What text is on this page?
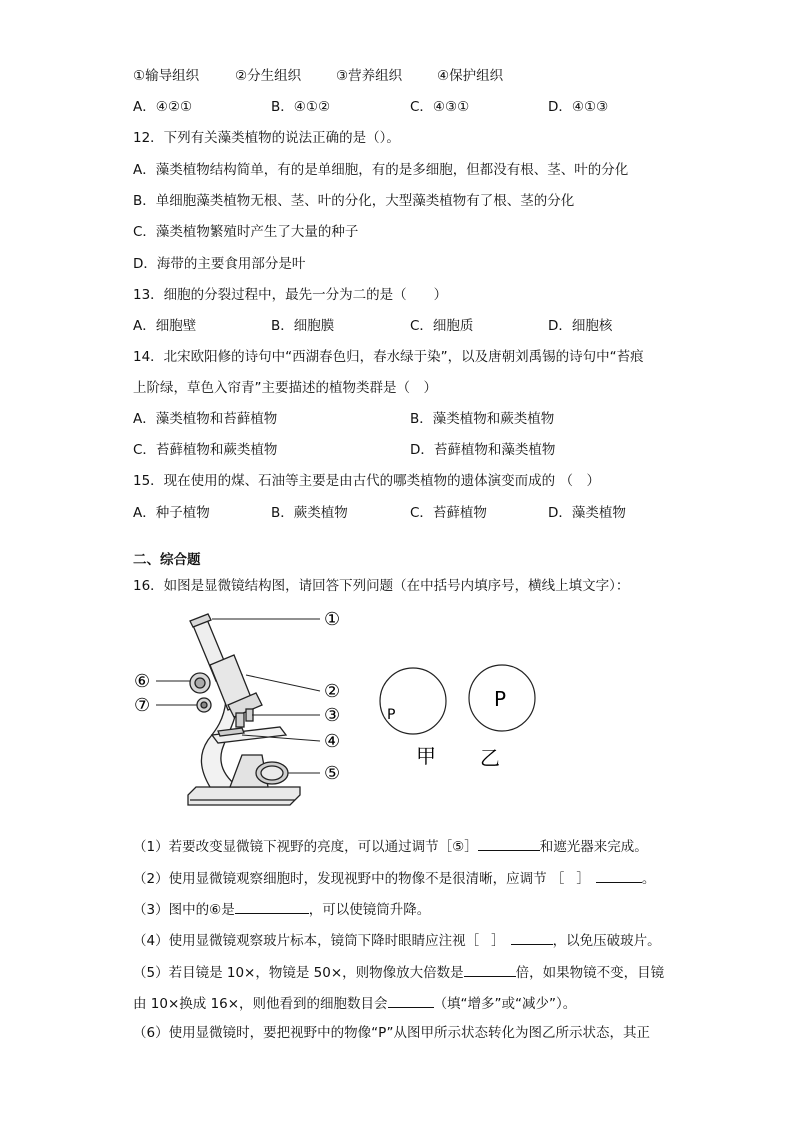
①输导组织	②分生组织	③营养组织	④保护组织
A．④②①	B．④①②	C．④③①	D．④①③
12．下列有关藻类植物的说法正确的是（）。
A．藻类植物结构简单，有的是单细胞，有的是多细胞，但都没有根、茎、叶的分化
B．单细胞藻类植物无根、茎、叶的分化，大型藻类植物有了根、茎的分化
C．藻类植物繁殖时产生了大量的种子
D．海带的主要食用部分是叶
13．细胞的分裂过程中，最先一分为二的是（　　）
A．细胞壁	B．细胞膜	C．细胞质	D．细胞核
14．北宋欧阳修的诗句中“西湖春色归，春水绿于染”，以及唐朝刘禹锡的诗句中“苔痕
上阶绿，草色入帘青”主要描述的植物类群是（　）
A．藻类植物和苔藓植物	B．藻类植物和蕨类植物
C．苔藓植物和蕨类植物	D．苔藓植物和藻类植物
15．现在使用的煤、石油等主要是由古代的哪类植物的遗体演变而成的 （　）
A．种子植物	B．蕨类植物	C．苔藓植物	D．藻类植物
二、综合题
16．如图是显微镜结构图，请回答下列问题（在中括号内填序号，横线上填文字）：
①
②
③
④
⑤
⑥
⑦	P
P
甲 乙
（1）若要改变显微镜下视野的亮度，可以通过调节［⑤］	和遮光器来完成。
（2）使用显微镜观察细胞时，发现视野中的物像不是很清晰，应调节 ［ ］	。
（3）图中的⑥是	，可以使镜筒升降。
（4）使用显微镜观察玻片标本，镜筒下降时眼睛应注视［ ］	，以免压破玻片。
（5）若目镜是 10×，物镜是 50×，则物像放大倍数是	倍，如果物镜不变，目镜
由 10×换成 16×，则他看到的细胞数目会	（填“增多”或“减少”）。
（6）使用显微镜时，要把视野中的物像“P”从图甲所示状态转化为图乙所示状态，其正
